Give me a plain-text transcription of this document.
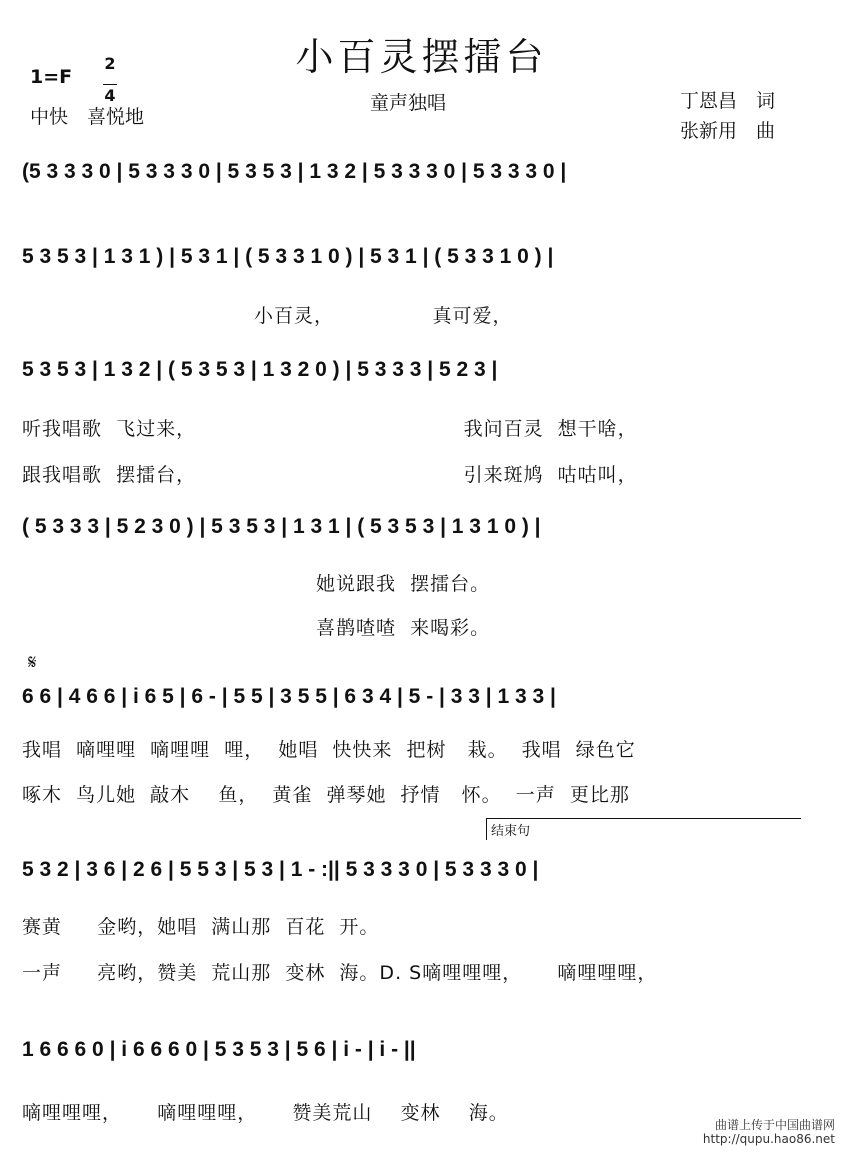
小百灵摆擂台
1=F
2

4
中快　喜悦地
童声独唱	丁恩昌　词
张新用　曲
(5 3 3 3 0 | 5 3 3 3 0 | 5 3 5 3 | 1 3 2 | 5 3 3 3 0 | 5 3 3 3 0 |
5 3 5 3 | 1 3 1 ) | 5 3 1 | ( 5 3 3 1 0 ) | 5 3 1 | ( 5 3 3 1 0 ) |
小百灵，              真可爱，
5 3 5 3 | 1 3 2 | ( 5 3 5 3 | 1 3 2 0 ) | 5 3 3 3 | 5 2 3 |
听我唱歌  飞过来，                                      我问百灵  想干啥，
跟我唱歌  摆擂台，                                      引来斑鸠  咕咕叫，
( 5 3 3 3 | 5 2 3 0 ) | 5 3 5 3 | 1 3 1 | ( 5 3 5 3 | 1 3 1 0 ) |
她说跟我  摆擂台。
喜鹊喳喳  来喝彩。
𝄋
6 6 | 4 6 6 | i 6 5 | 6 - | 5 5 | 3 5 5 | 6 3 4 | 5 - | 3 3 | 1 3 3 |
我唱  嘀哩哩  嘀哩哩  哩，  她唱  快快来  把树   栽。  我唱  绿色它
啄木  鸟儿她  敲木    鱼，  黄雀  弹琴她  抒情   怀。  一声  更比那
结束句
5 3 2 | 3 6 | 2 6 | 5 5 3 | 5 3 | 1 - :|| 5 3 3 3 0 | 5 3 3 3 0 |
赛黄     金哟，她唱  满山那  百花  开。
一声     亮哟，赞美  荒山那  变林  海。D. S嘀哩哩哩，     嘀哩哩哩，
1 6 6 6 0 | i 6 6 6 0 | 5 3 5 3 | 5 6 | i - | i - ||
嘀哩哩哩，     嘀哩哩哩，     赞美荒山    变林    海。
曲谱上传于中国曲谱网
http://qupu.hao86.net
